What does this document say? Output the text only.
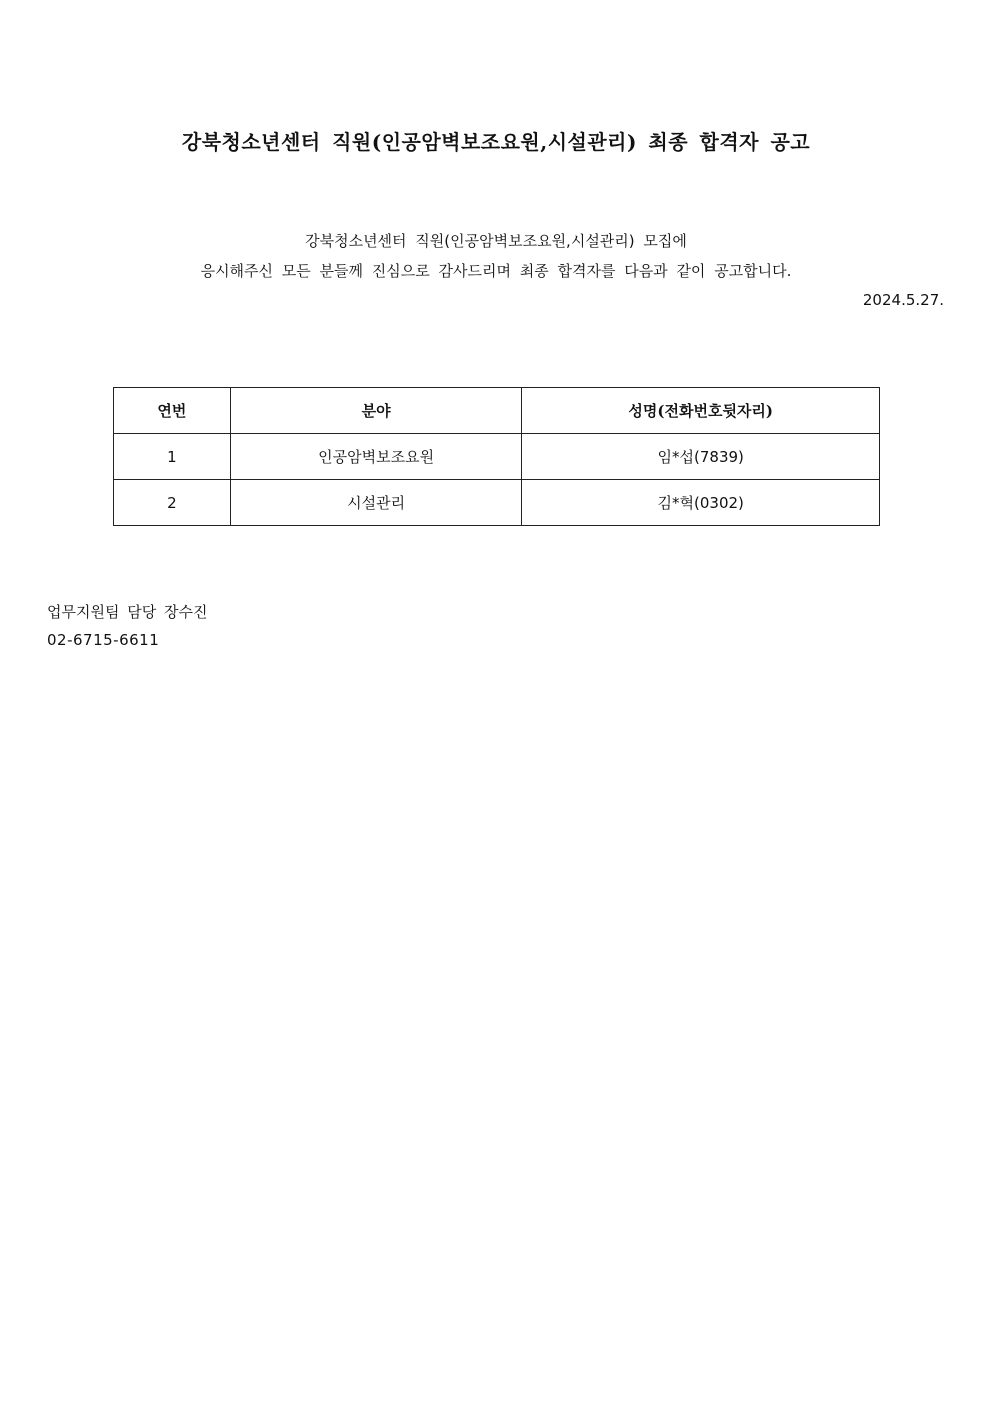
강북청소년센터 직원(인공암벽보조요원,시설관리) 최종 합격자 공고

강북청소년센터 직원(인공암벽보조요원,시설관리) 모집에

응시해주신 모든 분들께 진심으로 감사드리며 최종 합격자를 다음과 같이 공고합니다.

2024.5.27.

연번	분야	성명(전화번호뒷자리)
1	인공암벽보조요원	임*섭(7839)
2	시설관리	김*혁(0302)

업무지원팀 담당 장수진

02-6715-6611
